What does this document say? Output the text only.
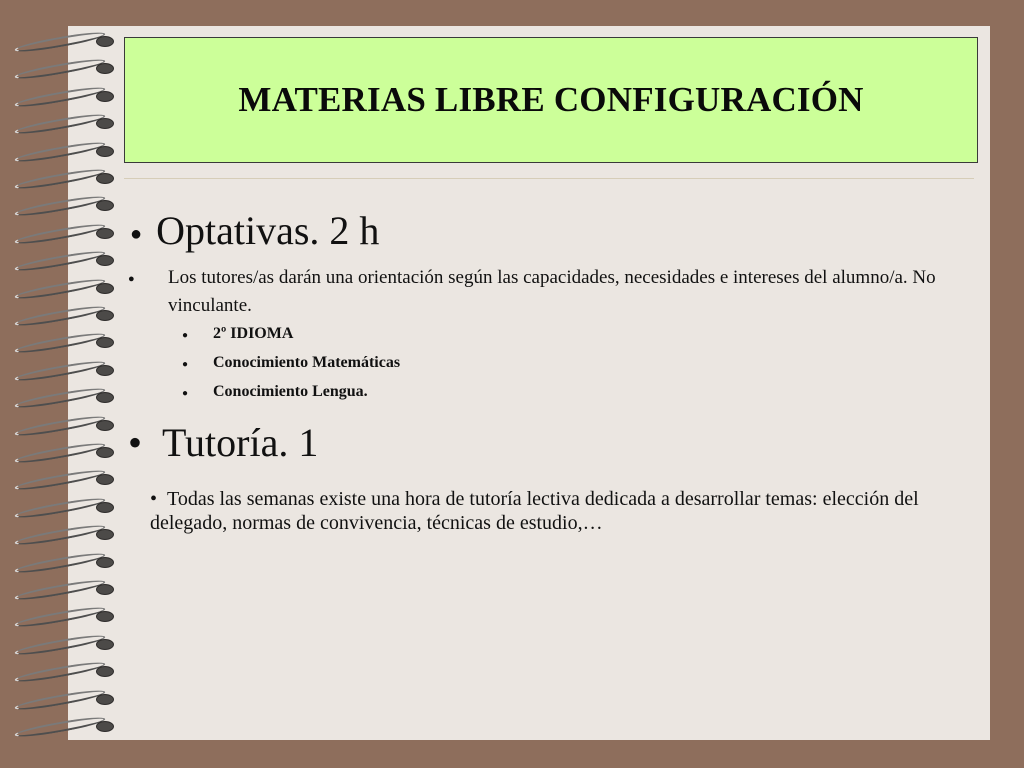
MATERIAS LIBRE CONFIGURACIÓN
● Optativas. 2 h
● Los tutores/as darán una orientación según las capacidades, necesidades e intereses del alumno/a. No vinculante.
● 2º IDIOMA
● Conocimiento Matemáticas
● Conocimiento Lengua.
• Tutoría. 1
• Todas las semanas existe una hora de tutoría lectiva dedicada a desarrollar temas: elección del delegado, normas de convivencia, técnicas de estudio,…
